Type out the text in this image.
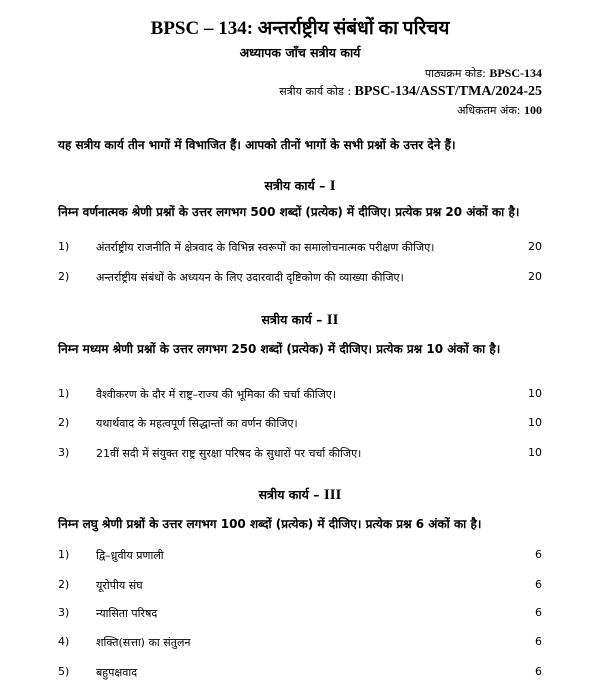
BPSC – 134: अन्तर्राष्ट्रीय संबंधों का परिचय
अध्यापक जाँच सत्रीय कार्य
पाठ्यक्रम कोड: BPSC-134
सत्रीय कार्य कोड : BPSC-134/ASST/TMA/2024-25
अधिकतम अंक: 100
यह सत्रीय कार्य तीन भागों में विभाजित हैं। आपको तीनों भागों के सभी प्रश्नों के उत्तर देने हैं।
सत्रीय कार्य – I
निम्न वर्णनात्मक श्रेणी प्रश्नों के उत्तर लगभग 500 शब्दों (प्रत्येक) में दीजिए। प्रत्येक प्रश्न 20 अंकों का है।
1) अंतर्राष्ट्रीय राजनीति में क्षेत्रवाद के विभिन्न स्वरूपों का समालोचनात्मक परीक्षण कीजिए।	20
2) अन्तर्राष्ट्रीय संबंधों के अध्ययन के लिए उदारवादी दृष्टिकोण की व्याख्या कीजिए।	20
सत्रीय कार्य – II
निम्न मध्यम श्रेणी प्रश्नों के उत्तर लगभग 250 शब्दों (प्रत्येक) में दीजिए। प्रत्येक प्रश्न 10 अंकों का है।
1) वैश्वीकरण के दौर में राष्ट्र–राज्य की भूमिका की चर्चा कीजिए।	10
2) यथार्थवाद के महत्वपूर्ण सिद्धान्तों का वर्णन कीजिए।	10
3) 21वीं सदी में संयुक्त राष्ट्र सुरक्षा परिषद के सुधारों पर चर्चा कीजिए।	10
सत्रीय कार्य – III
निम्न लघु श्रेणी प्रश्नों के उत्तर लगभग 100 शब्दों (प्रत्येक) में दीजिए। प्रत्येक प्रश्न 6 अंकों का है।
1) द्वि–ध्रुवीय प्रणाली	6
2) यूरोपीय संघ	6
3) न्यासिता परिषद	6
4) शक्ति(सत्ता) का संतुलन	6
5) बहुपक्षवाद	6
